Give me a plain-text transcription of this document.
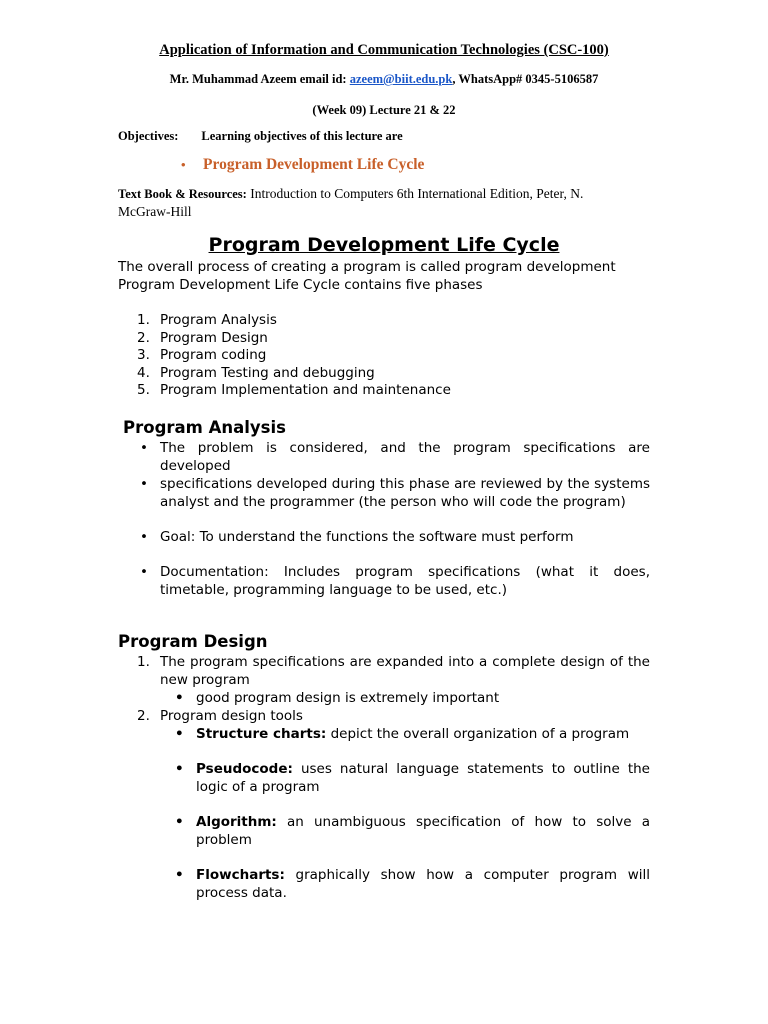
Application of Information and Communication Technologies (CSC-100)
Mr. Muhammad Azeem email id: azeem@biit.edu.pk, WhatsApp# 0345-5106587
(Week 09) Lecture 21 & 22
Objectives: Learning objectives of this lecture are
• Program Development Life Cycle
Text Book & Resources: Introduction to Computers 6th International Edition, Peter, N. McGraw-Hill
Program Development Life Cycle
The overall process of creating a program is called program development
Program Development Life Cycle contains five phases
1. Program Analysis
2. Program Design
3. Program coding
4. Program Testing and debugging
5. Program Implementation and maintenance
Program Analysis
• The problem is considered, and the program specifications are developed
• specifications developed during this phase are reviewed by the systems analyst and the programmer (the person who will code the program)
• Goal: To understand the functions the software must perform
• Documentation: Includes program specifications (what it does, timetable, programming language to be used, etc.)
Program Design
1. The program specifications are expanded into a complete design of the new program
• good program design is extremely important
2. Program design tools
• Structure charts: depict the overall organization of a program
• Pseudocode: uses natural language statements to outline the logic of a program
• Algorithm: an unambiguous specification of how to solve a problem
• Flowcharts: graphically show how a computer program will process data.
